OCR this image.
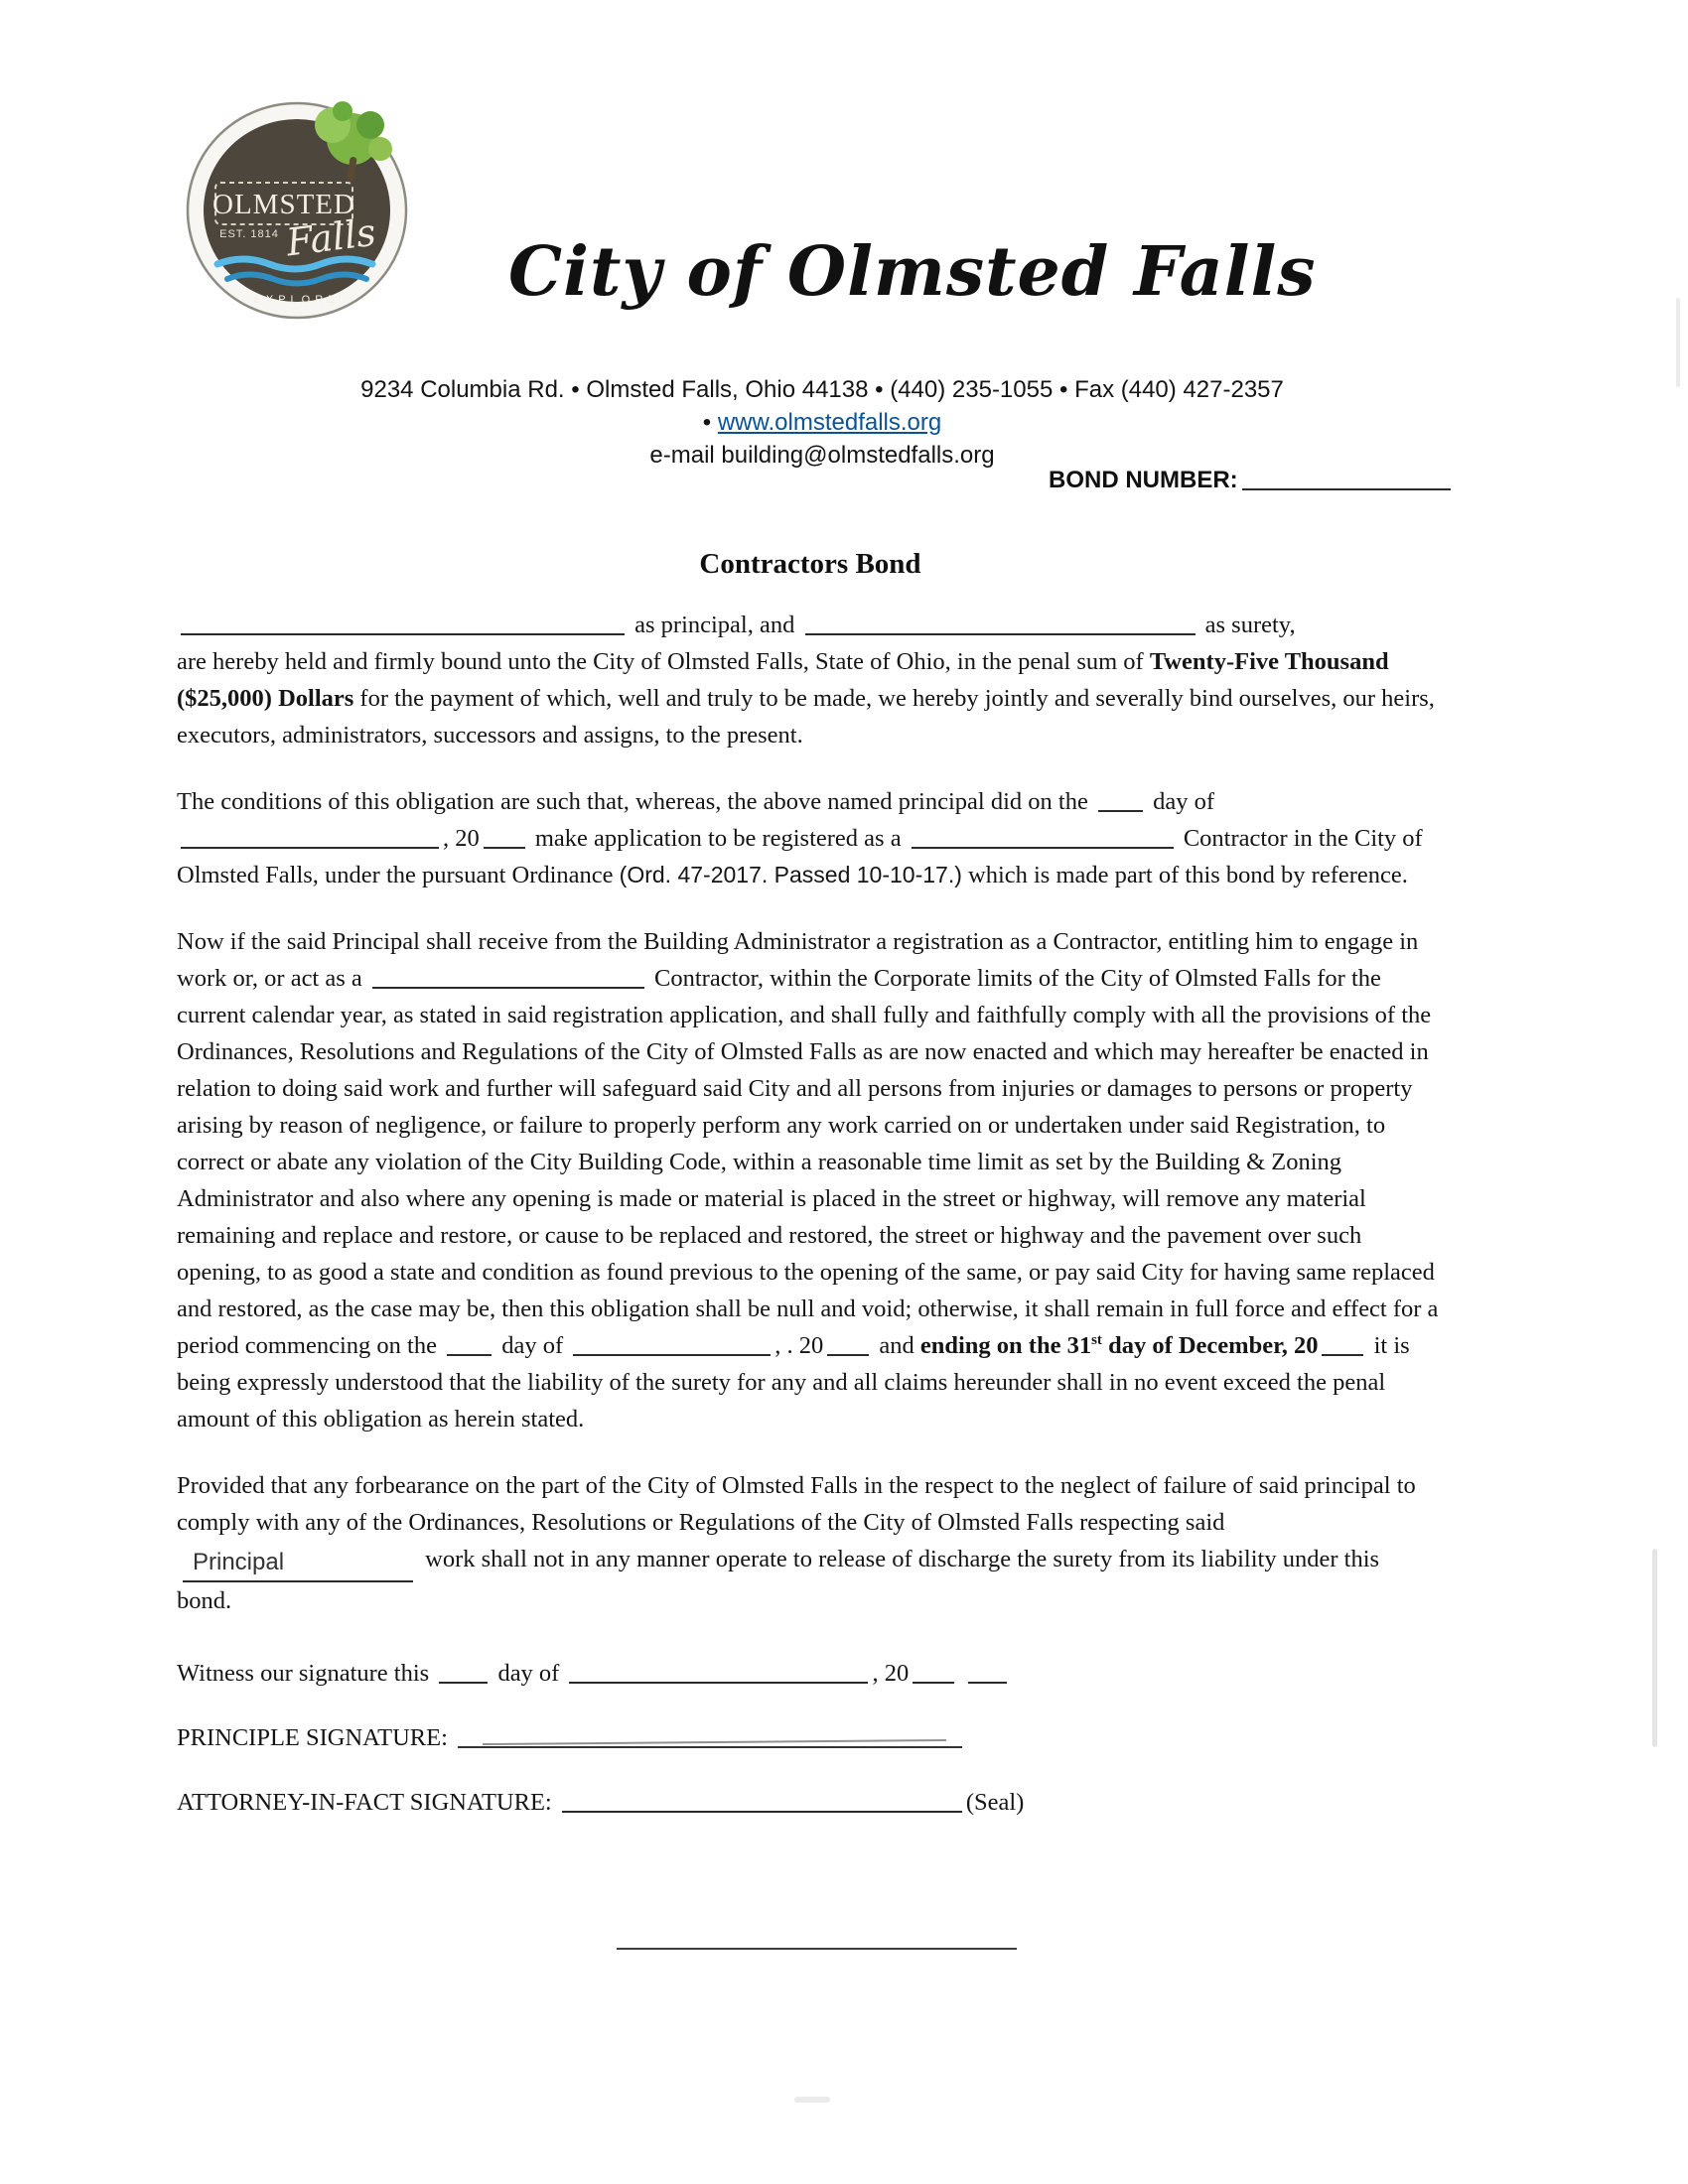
OLMSTED
EST. 1814 Falls
EXPLORE City of Olmsted Falls
9234 Columbia Rd. • Olmsted Falls, Ohio 44138 • (440) 235-1055 • Fax (440) 427-2357
• www.olmstedfalls.org
e-mail building@olmstedfalls.org
BOND NUMBER:
Contractors Bond
as principal, and	as surety,

are hereby held and firmly bound unto the City of Olmsted Falls, State of Ohio, in the penal sum of Twenty-Five Thousand ($25,000) Dollars for the payment of which, well and truly to be made, we hereby jointly and severally bind ourselves, our heirs, executors, administrators, successors and assigns, to the present.

The conditions of this obligation are such that, whereas, the above named principal did on the	day of , 20 make application to be registered as a	Contractor in the City of Olmsted Falls, under the pursuant Ordinance (Ord. 47-2017. Passed 10-10-17.) which is made part of this bond by reference.

Now if the said Principal shall receive from the Building Administrator a registration as a Contractor, entitling him to engage in work or, or act as a	Contractor, within the Corporate limits of the City of Olmsted Falls for the current calendar year, as stated in said registration application, and shall fully and faithfully comply with all the provisions of the Ordinances, Resolutions and Regulations of the City of Olmsted Falls as are now enacted and which may hereafter be enacted in relation to doing said work and further will safeguard said City and all persons from injuries or damages to persons or property arising by reason of negligence, or failure to properly perform any work carried on or undertaken under said Registration, to correct or abate any violation of the City Building Code, within a reasonable time limit as set by the Building & Zoning Administrator and also where any opening is made or material is placed in the street or highway, will remove any material remaining and replace and restore, or cause to be replaced and restored, the street or highway and the pavement over such opening, to as good a state and condition as found previous to the opening of the same, or pay said City for having same replaced and restored, as the case may be, then this obligation shall be null and void; otherwise, it shall remain in full force and effect for a period commencing on the	day of	, . 20 and ending on the 31st day of December, 20 it is being expressly understood that the liability of the surety for any and all claims hereunder shall in no event exceed the penal amount of this obligation as herein stated.

Provided that any forbearance on the part of the City of Olmsted Falls in the respect to the neglect of failure of said principal to comply with any of the Ordinances, Resolutions or Regulations of the City of Olmsted Falls respecting said Principal	work shall not in any manner operate to release of discharge the surety from its liability under this bond.

Witness our signature this	day of	, 20
PRINCIPLE SIGNATURE:
ATTORNEY-IN-FACT SIGNATURE:	(Seal)
